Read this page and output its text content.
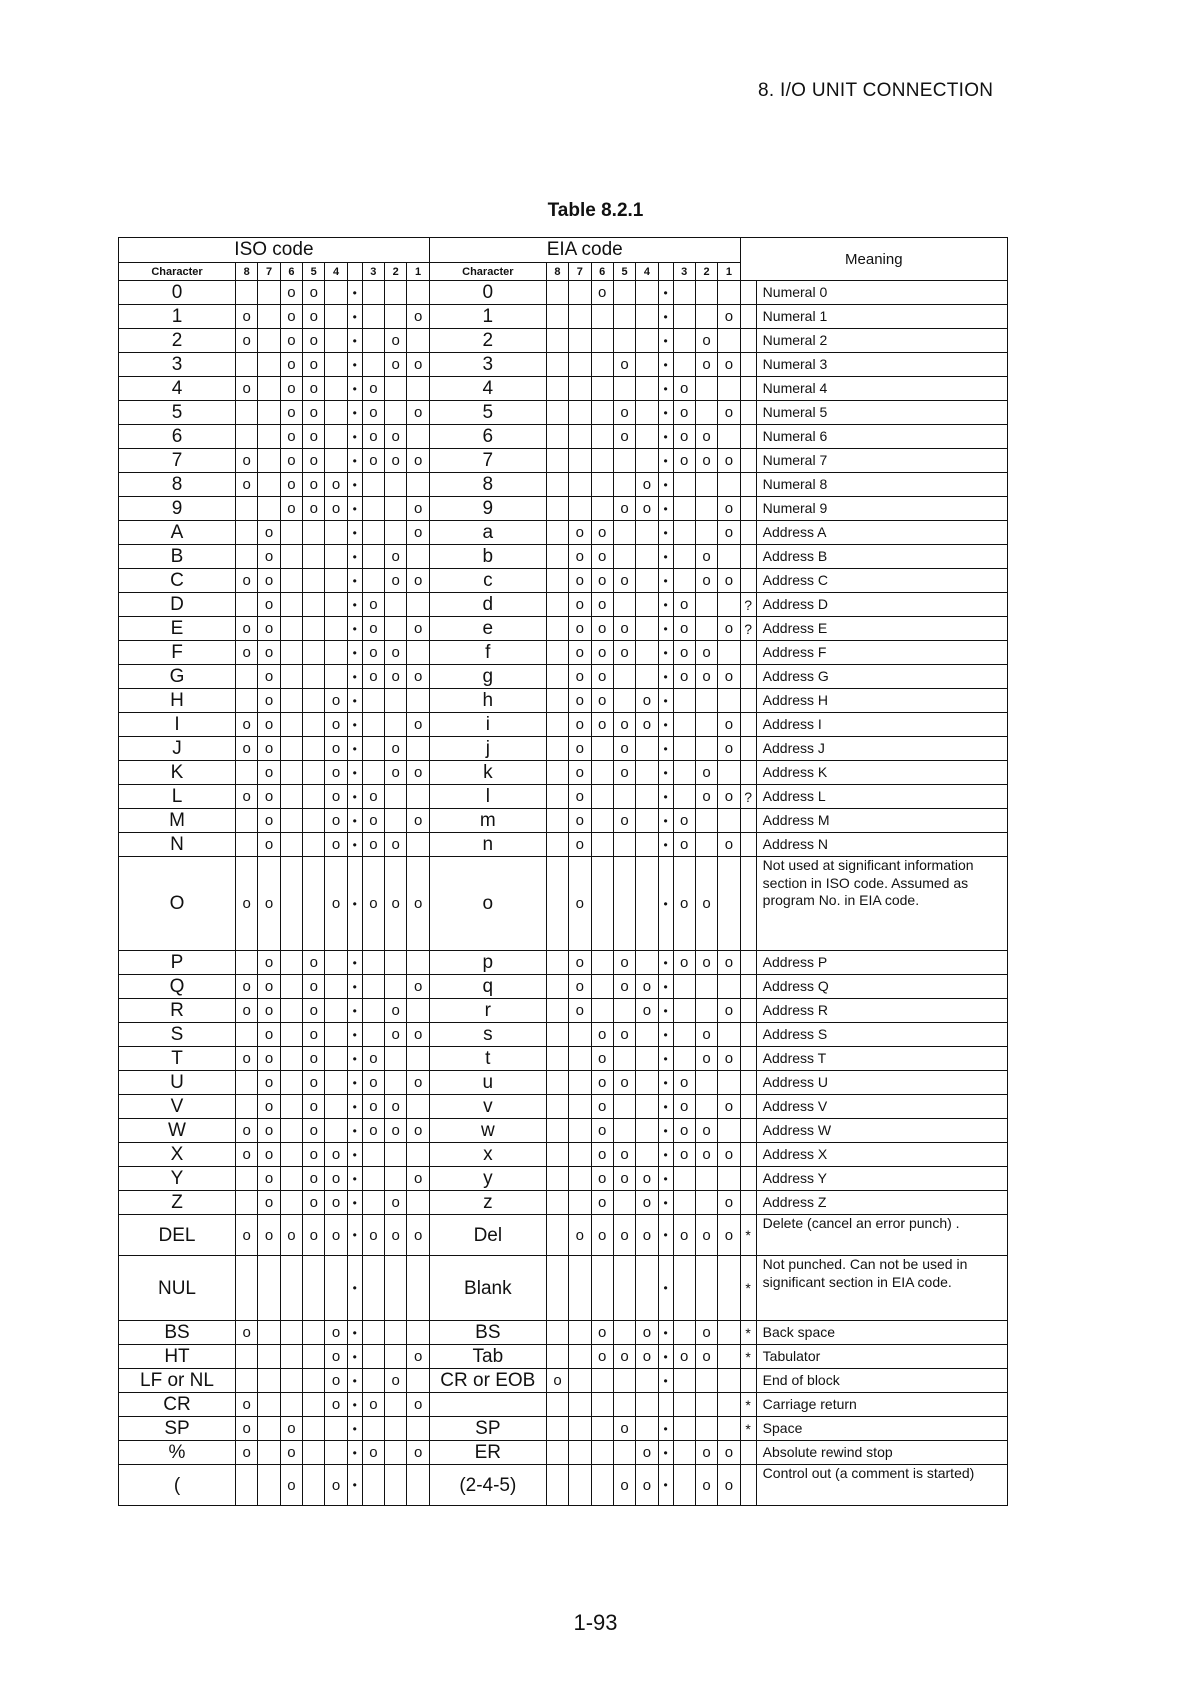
8. I/O UNIT CONNECTION
Table 8.2.1
ISO code										EIA code										Meaning	
Character	8	7	6	5	4		3	2	1	Character	8	7	6	5	4		3	2	1		
0			o	o		•				0			o			•					Numeral 0
1	o		o	o		•			o	1						•			o		Numeral 1
2	o		o	o		•		o		2						•		o			Numeral 2
3			o	o		•		o	o	3				o		•		o	o		Numeral 3
4	o		o	o		•	o			4						•	o				Numeral 4
5			o	o		•	o		o	5				o		•	o		o		Numeral 5
6			o	o		•	o	o		6				o		•	o	o			Numeral 6
7	o		o	o		•	o	o	o	7						•	o	o	o		Numeral 7
8	o		o	o	o	•				8					o	•					Numeral 8
9			o	o	o	•			o	9				o	o	•			o		Numeral 9
A		o				•			o	a		o	o			•			o		Address A
B		o				•		o		b		o	o			•		o			Address B
C	o	o				•		o	o	c		o	o	o		•		o	o		Address C
D		o				•	o			d		o	o			•	o			?	Address D
E	o	o				•	o		o	e		o	o	o		•	o		o	?	Address E
F	o	o				•	o	o		f		o	o	o		•	o	o			Address F
G		o				•	o	o	o	g		o	o			•	o	o	o		Address G
H		o			o	•				h		o	o		o	•					Address H
I	o	o			o	•			o	i		o	o	o	o	•			o		Address I
J	o	o			o	•		o		j		o		o		•			o		Address J
K		o			o	•		o	o	k		o		o		•		o			Address K
L	o	o			o	•	o			l		o				•		o	o	?	Address L
M		o			o	•	o		o	m		o		o		•	o				Address M
N		o			o	•	o	o		n		o				•	o		o		Address N
O	o	o			o	•	o	o	o	o		o				•	o	o			Not used at significant information section in ISO code. Assumed as program No. in EIA code.
P		o		o		•				p		o		o		•	o	o	o		Address P
Q	o	o		o		•			o	q		o		o	o	•					Address Q
R	o	o		o		•		o		r		o			o	•			o		Address R
S		o		o		•		o	o	s			o	o		•		o			Address S
T	o	o		o		•	o			t			o			•		o	o		Address T
U		o		o		•	o		o	u			o	o		•	o				Address U
V		o		o		•	o	o		v			o			•	o		o		Address V
W	o	o		o		•	o	o	o	w			o			•	o	o			Address W
X	o	o		o	o	•				x			o	o		•	o	o	o		Address X
Y		o		o	o	•			o	y			o	o	o	•					Address Y
Z		o		o	o	•		o		z			o		o	•			o		Address Z
DEL	o	o	o	o	o	•	o	o	o	Del		o	o	o	o	•	o	o	o	*	Delete (cancel an error punch) .
NUL						•				Blank						•				*	Not punched. Can not be used in significant section in EIA code.
BS	o				o	•				BS			o		o	•		o		*	Back space
HT					o	•			o	Tab			o	o	o	•	o	o		*	Tabulator
LF or NL					o	•		o		CR or EOB	o					•					End of block
CR	o				o	•	o		o											*	Carriage return
SP	o		o			•				SP				o		•				*	Space
%	o		o			•	o		o	ER					o	•		o	o		Absolute rewind stop
(			o		o	•				(2-4-5)				o	o	•		o	o		Control out (a comment is started)
1-93
